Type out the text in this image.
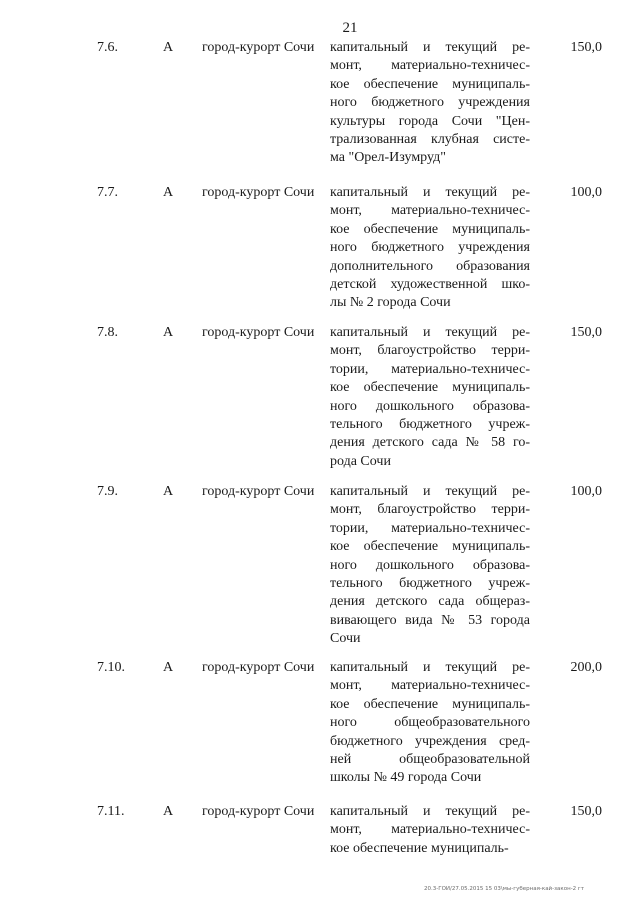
21
7.6.	А	город-курорт Сочи	капитальный и текущий ре-
монт, материально-техничес-
кое обеспечение муниципаль-
ного бюджетного учреждения
культуры города Сочи "Цен-
трализованная клубная систе-
ма "Орел-Изумруд"
150,0
7.7.	А	город-курорт Сочи	капитальный и текущий ре-
монт, материально-техничес-
кое обеспечение муниципаль-
ного бюджетного учреждения
дополнительного образования
детской художественной шко-
лы № 2 города Сочи
100,0
7.8.	А	город-курорт Сочи	капитальный и текущий ре-
монт, благоустройство терри-
тории, материально-техничес-
кое обеспечение муниципаль-
ного дошкольного образова-
тельного бюджетного учреж-
дения детского сада № 58 го-
рода Сочи
150,0
7.9.	А	город-курорт Сочи	капитальный и текущий ре-
монт, благоустройство терри-
тории, материально-техничес-
кое обеспечение муниципаль-
ного дошкольного образова-
тельного бюджетного учреж-
дения детского сада общераз-
вивающего вида № 53 города
Сочи
100,0
7.10.	А	город-курорт Сочи	капитальный и текущий ре-
монт, материально-техничес-
кое обеспечение муниципаль-
ного общеобразовательного
бюджетного учреждения сред-
ней общеобразовательной
школы № 49 города Сочи
200,0
7.11.	А	город-курорт Сочи	капитальный и текущий ре-
монт, материально-техничес-
кое обеспечение муниципаль-
150,0
20.3-ГОИ/27.05.2015 15 03\мы-губерная-кай-закон-2 гт
